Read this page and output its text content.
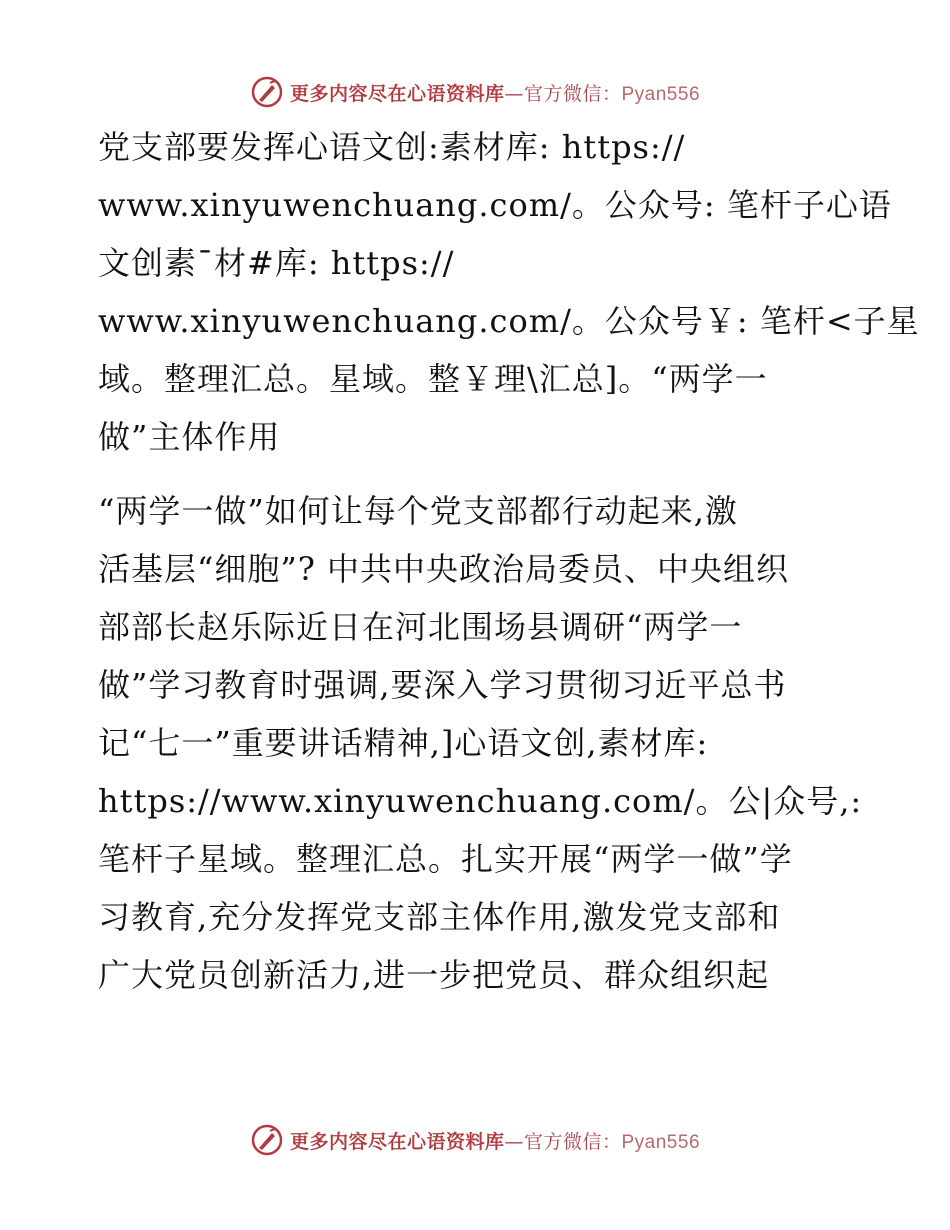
更多内容尽在心语资料库—官方微信：Pyan556
党支部要发挥心语文创:素材库: https://
www.xinyuwenchuang.com/。公众号: 笔杆子心语
文创素¯材#库: https://
www.xinyuwenchuang.com/。公众号￥: 笔杆<子星
域。整理汇总。星域。整￥理\汇总]。“两学一
做”主体作用
“两学一做”如何让每个党支部都行动起来,激
活基层“细胞”? 中共中央政治局委员、中央组织
部部长赵乐际近日在河北围场县调研“两学一
做”学习教育时强调,要深入学习贯彻习近平总书
记“七一”重要讲话精神,]心语文创,素材库:
https://www.xinyuwenchuang.com/。公|众号,:
笔杆子星域。整理汇总。扎实开展“两学一做”学
习教育,充分发挥党支部主体作用,激发党支部和
广大党员创新活力,进一步把党员、群众组织起
更多内容尽在心语资料库—官方微信：Pyan556
